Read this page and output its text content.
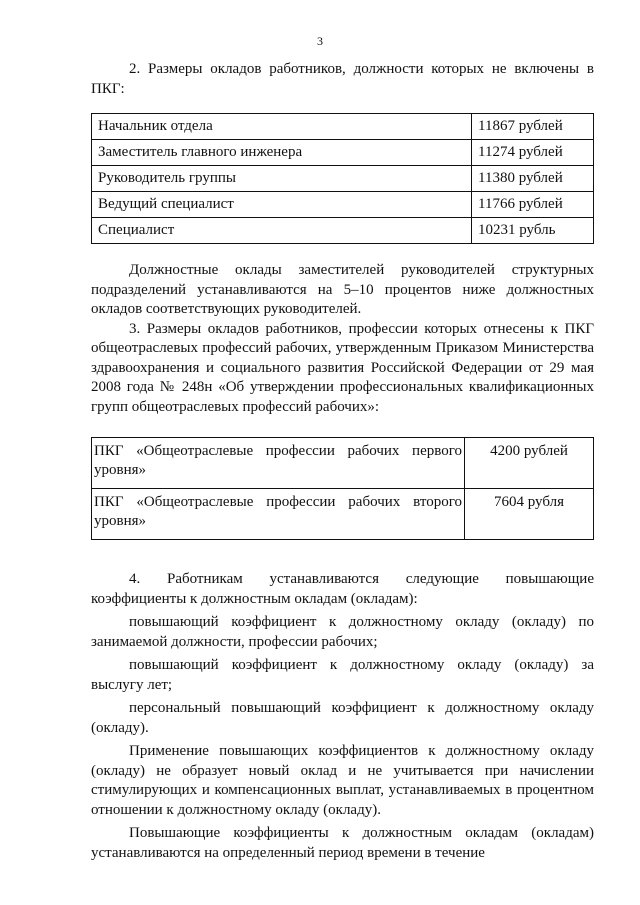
3

2. Размеры окладов работников, должности которых не включены в ПКГ:

Начальник отдела	11867 рублей
Заместитель главного инженера	11274 рублей
Руководитель группы	11380 рублей
Ведущий специалист	11766 рублей
Специалист	10231 рубль

Должностные оклады заместителей руководителей структурных подразделений устанавливаются на 5–10 процентов ниже должностных окладов соответствующих руководителей.

3. Размеры окладов работников, профессии которых отнесены к ПКГ общеотраслевых профессий рабочих, утвержденным Приказом Министерства здравоохранения и социального развития Российской Федерации от 29 мая 2008 года № 248н «Об утверждении профессиональных квалификационных групп общеотраслевых профессий рабочих»:

ПКГ «Общеотраслевые профессии рабочих первого уровня»	4200 рублей
ПКГ «Общеотраслевые профессии рабочих второго уровня»	7604 рубля

4. Работникам устанавливаются следующие повышающие коэффициенты к должностным окладам (окладам):

повышающий коэффициент к должностному окладу (окладу) по занимаемой должности, профессии рабочих;

повышающий коэффициент к должностному окладу (окладу) за выслугу лет;

персональный повышающий коэффициент к должностному окладу (окладу).

Применение повышающих коэффициентов к должностному окладу (окладу) не образует новый оклад и не учитывается при начислении стимулирующих и компенсационных выплат, устанавливаемых в процентном отношении к должностному окладу (окладу).

Повышающие коэффициенты к должностным окладам (окладам) устанавливаются на определенный период времени в течение
